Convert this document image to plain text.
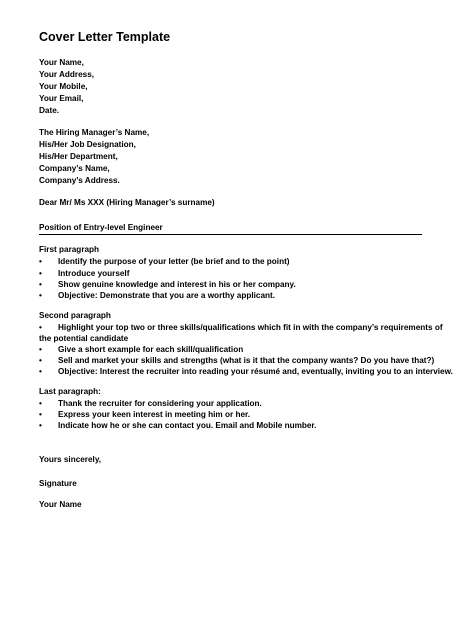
Cover Letter Template
Your Name,
Your Address,
Your Mobile,
Your Email,
Date.
The Hiring Manager’s Name,
His/Her Job Designation,
His/Her Department,
Company’s Name,
Company’s Address.
Dear Mr/ Ms XXX (Hiring Manager’s surname)
Position of Entry-level Engineer
First paragraph
•	Identify the purpose of your letter (be brief and to the point)
•	Introduce yourself
•	Show genuine knowledge and interest in his or her company.
•	Objective: Demonstrate that you are a worthy applicant.
Second paragraph
•	Highlight your top two or three skills/qualifications which fit in with the company’s requirements of
the potential candidate
•	Give a short example for each skill/qualification
•	Sell and market your skills and strengths (what is it that the company wants? Do you have that?)
•	Objective: Interest the recruiter into reading your résumé and, eventually, inviting you to an interview.
Last paragraph:
•	Thank the recruiter for considering your application.
•	Express your keen interest in meeting him or her.
•	Indicate how he or she can contact you. Email and Mobile number.
Yours sincerely,
Signature
Your Name
